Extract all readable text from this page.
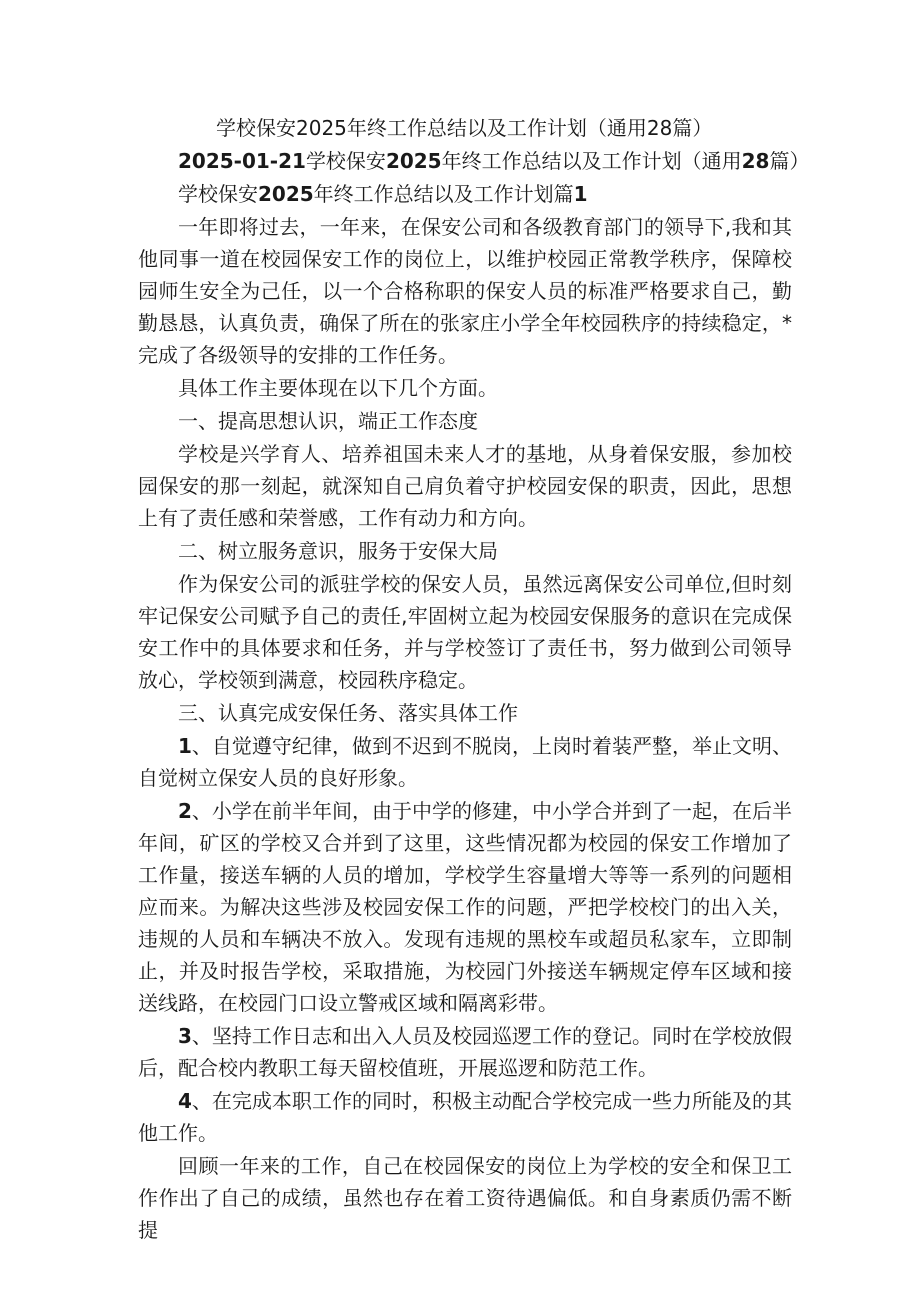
学校保安2025年终工作总结以及工作计划（通用28篇）
2025-01-21学校保安2025年终工作总结以及工作计划（通用28篇）
学校保安2025年终工作总结以及工作计划篇1

一年即将过去，一年来，在保安公司和各级教育部门的领导下,我和其他同事一道在校园保安工作的岗位上，以维护校园正常教学秩序，保障校园师生安全为己任，以一个合格称职的保安人员的标准严格要求自己，勤勤恳恳，认真负责，确保了所在的张家庄小学全年校园秩序的持续稳定，*完成了各级领导的安排的工作任务。

具体工作主要体现在以下几个方面。

一、提高思想认识，端正工作态度

学校是兴学育人、培养祖国未来人才的基地，从身着保安服，参加校园保安的那一刻起，就深知自己肩负着守护校园安保的职责，因此，思想上有了责任感和荣誉感，工作有动力和方向。

二、树立服务意识，服务于安保大局

作为保安公司的派驻学校的保安人员，虽然远离保安公司单位,但时刻牢记保安公司赋予自己的责任,牢固树立起为校园安保服务的意识在完成保安工作中的具体要求和任务，并与学校签订了责任书，努力做到公司领导放心，学校领到满意，校园秩序稳定。

三、认真完成安保任务、落实具体工作

1、自觉遵守纪律，做到不迟到不脱岗，上岗时着装严整，举止文明、自觉树立保安人员的良好形象。

2、小学在前半年间，由于中学的修建，中小学合并到了一起，在后半年间，矿区的学校又合并到了这里，这些情况都为校园的保安工作增加了工作量，接送车辆的人员的增加，学校学生容量增大等等一系列的问题相应而来。为解决这些涉及校园安保工作的问题，严把学校校门的出入关，违规的人员和车辆决不放入。发现有违规的黑校车或超员私家车，立即制止，并及时报告学校，采取措施，为校园门外接送车辆规定停车区域和接送线路，在校园门口设立警戒区域和隔离彩带。

3、坚持工作日志和出入人员及校园巡逻工作的登记。同时在学校放假后，配合校内教职工每天留校值班，开展巡逻和防范工作。

4、在完成本职工作的同时，积极主动配合学校完成一些力所能及的其他工作。

回顾一年来的工作，自己在校园保安的岗位上为学校的安全和保卫工作作出了自己的成绩，虽然也存在着工资待遇偏低。和自身素质仍需不断提
